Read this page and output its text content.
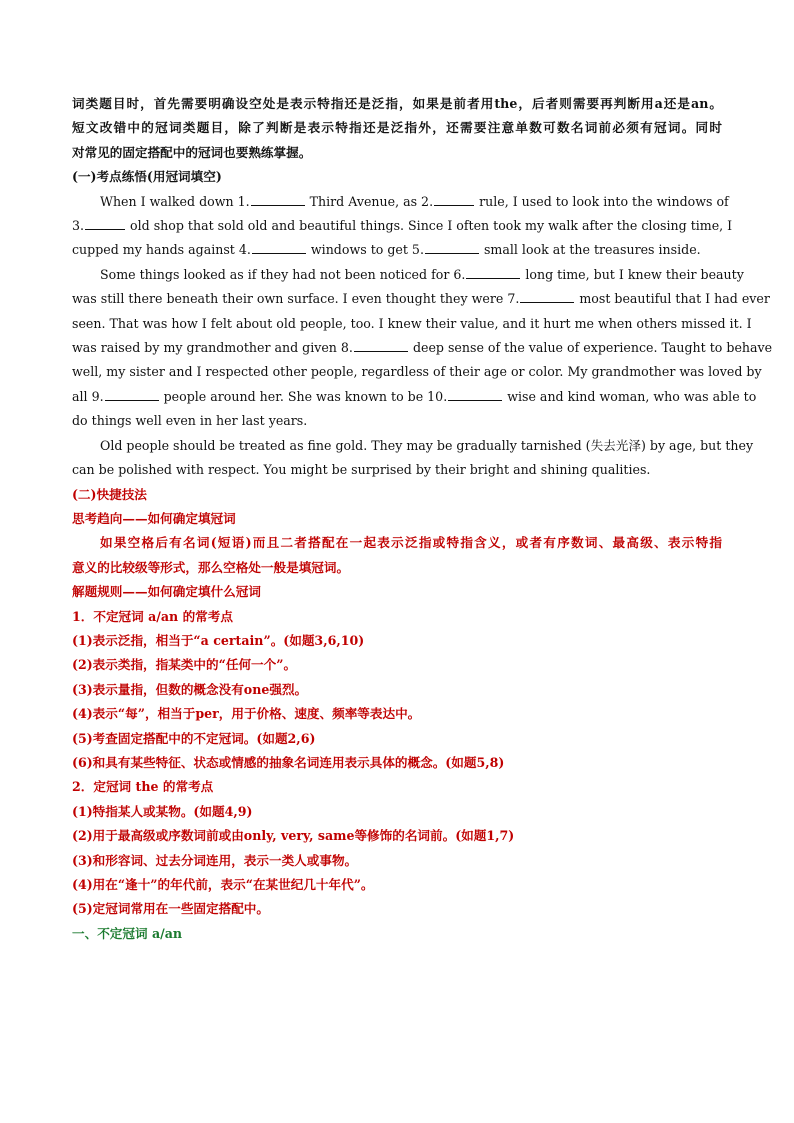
词类题目时，首先需要明确设空处是表示特指还是泛指，如果是前者用the，后者则需要再判断用a还是an。
短文改错中的冠词类题目，除了判断是表示特指还是泛指外，还需要注意单数可数名词前必须有冠词。同时
对常见的固定搭配中的冠词也要熟练掌握。
(一)考点练悟(用冠词填空)
When I walked down 1.	Third Avenue, as 2.	rule, I used to look into the windows of
3.	old shop that sold old and beautiful things. Since I often took my walk after the closing time, I
cupped my hands against 4.	windows to get 5.	small look at the treasures inside.
Some things looked as if they had not been noticed for 6.	long time, but I knew their beauty
was still there beneath their own surface. I even thought they were 7.	most beautiful that I had ever
seen. That was how I felt about old people, too. I knew their value, and it hurt me when others missed it. I
was raised by my grandmother and given 8.	deep sense of the value of experience. Taught to behave
well, my sister and I respected other people, regardless of their age or color. My grandmother was loved by
all 9.	people around her. She was known to be 10.	wise and kind woman, who was able to
do things well even in her last years.
Old people should be treated as fine gold. They may be gradually tarnished (失去光泽) by age, but they
can be polished with respect. You might be surprised by their bright and shining qualities.
(二)快捷技法
思考趋向——如何确定填冠词
如果空格后有名词(短语)而且二者搭配在一起表示泛指或特指含义，或者有序数词、最高级、表示特指
意义的比较级等形式，那么空格处一般是填冠词。
解题规则——如何确定填什么冠词
1．不定冠词 a/an 的常考点
(1)表示泛指，相当于“a certain”。(如题3,6,10)
(2)表示类指，指某类中的“任何一个”。
(3)表示量指，但数的概念没有one强烈。
(4)表示“每”，相当于per，用于价格、速度、频率等表达中。
(5)考查固定搭配中的不定冠词。(如题2,6)
(6)和具有某些特征、状态或情感的抽象名词连用表示具体的概念。(如题5,8)
2．定冠词 the 的常考点
(1)特指某人或某物。(如题4,9)
(2)用于最高级或序数词前或由only, very, same等修饰的名词前。(如题1,7)
(3)和形容词、过去分词连用，表示一类人或事物。
(4)用在“逢十”的年代前，表示“在某世纪几十年代”。
(5)定冠词常用在一些固定搭配中。
一、不定冠词 a/an
